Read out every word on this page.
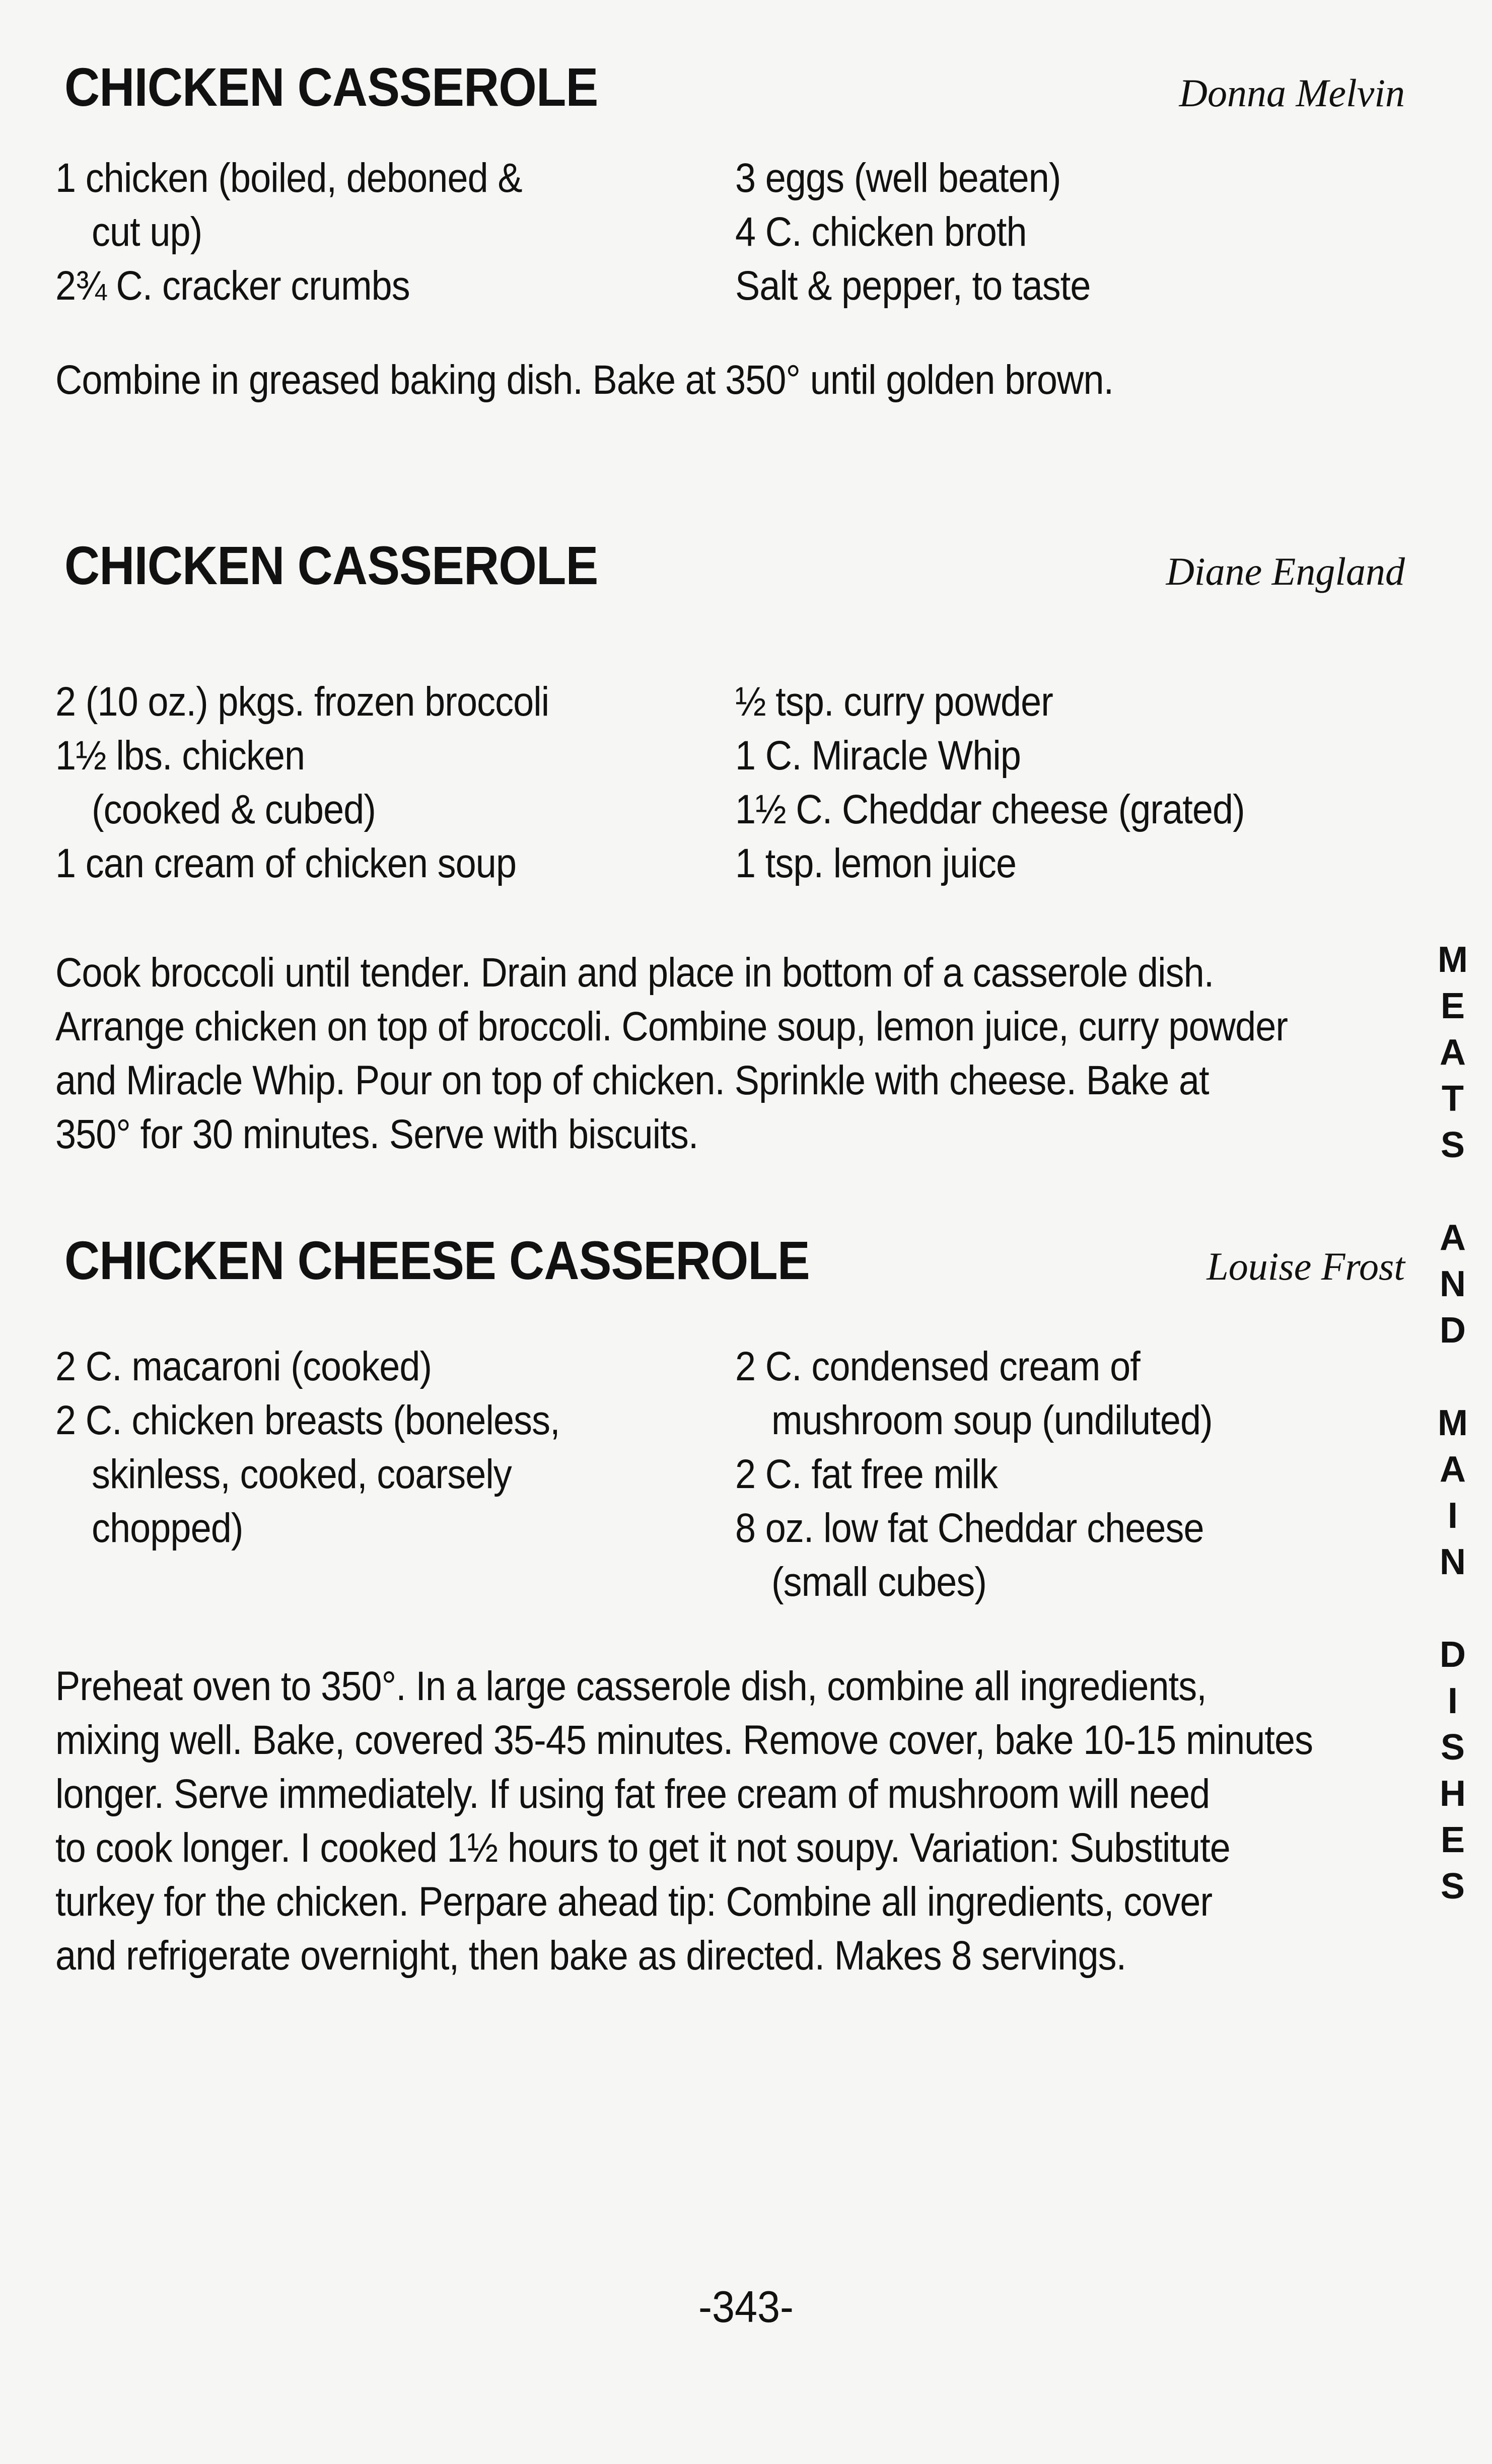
CHICKEN CASSEROLE	Donna Melvin
1 chicken (boiled, deboned &
cut up)
2¾ C. cracker crumbs
3 eggs (well beaten)
4 C. chicken broth
Salt & pepper, to taste
Combine in greased baking dish. Bake at 350° until golden brown.
CHICKEN CASSEROLE	Diane England
2 (10 oz.) pkgs. frozen broccoli
1½ lbs. chicken
(cooked & cubed)
1 can cream of chicken soup
½ tsp. curry powder
1 C. Miracle Whip
1½ C. Cheddar cheese (grated)
1 tsp. lemon juice
Cook broccoli until tender. Drain and place in bottom of a casserole dish.
Arrange chicken on top of broccoli. Combine soup, lemon juice, curry powder
and Miracle Whip. Pour on top of chicken. Sprinkle with cheese. Bake at
350° for 30 minutes. Serve with biscuits.
CHICKEN CHEESE CASSEROLE	Louise Frost
2 C. macaroni (cooked)
2 C. chicken breasts (boneless,
skinless, cooked, coarsely
chopped)
2 C. condensed cream of
mushroom soup (undiluted)
2 C. fat free milk
8 oz. low fat Cheddar cheese
(small cubes)
Preheat oven to 350°. In a large casserole dish, combine all ingredients,
mixing well. Bake, covered 35-45 minutes. Remove cover, bake 10-15 minutes
longer. Serve immediately. If using fat free cream of mushroom will need
to cook longer. I cooked 1½ hours to get it not soupy. Variation: Substitute
turkey for the chicken. Perpare ahead tip: Combine all ingredients, cover
and refrigerate overnight, then bake as directed. Makes 8 servings.
M
E
A
T
S
A
N
D
M
A
I
N
D
I
S
H
E
S
-343-
